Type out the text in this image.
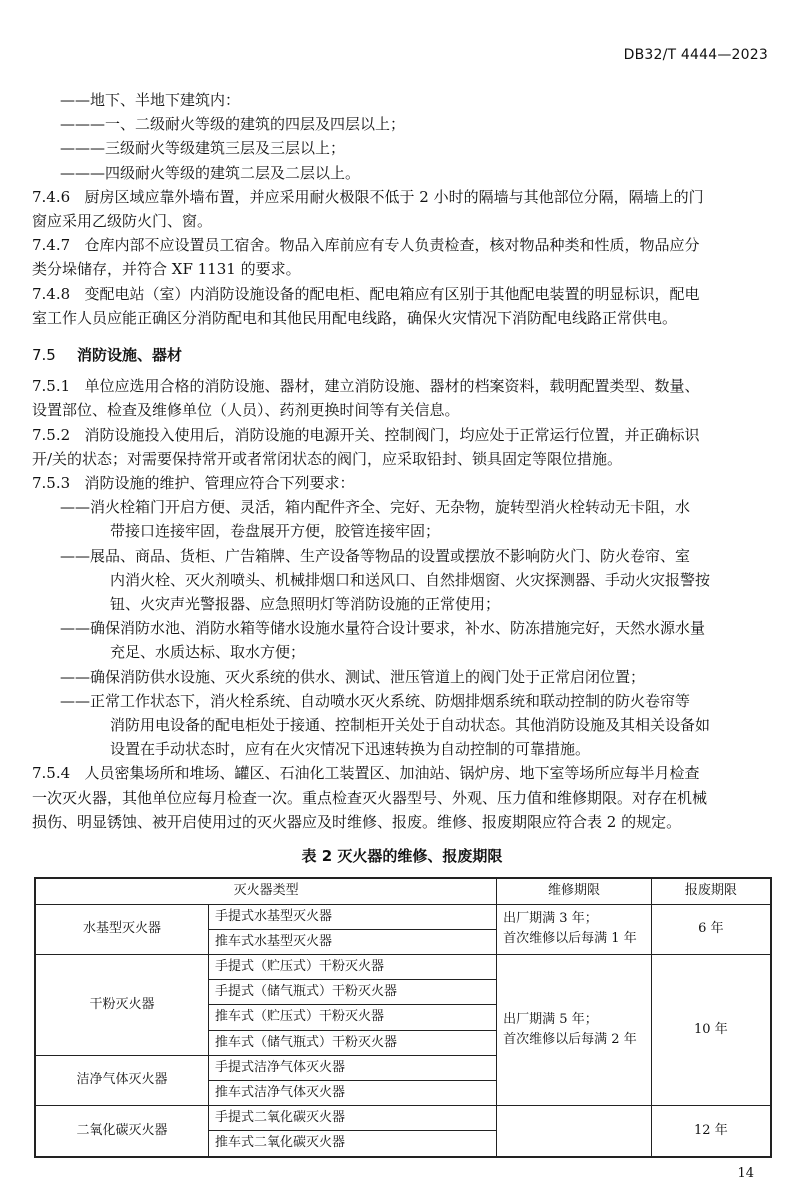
DB32/T 4444—2023
——地下、半地下建筑内：
———一、二级耐火等级的建筑的四层及四层以上；
———三级耐火等级建筑三层及三层以上；
———四级耐火等级的建筑二层及二层以上。
7.4.6 厨房区域应靠外墙布置，并应采用耐火极限不低于 2 小时的隔墙与其他部位分隔，隔墙上的门
窗应采用乙级防火门、窗。
7.4.7 仓库内部不应设置员工宿舍。物品入库前应有专人负责检查，核对物品种类和性质，物品应分
类分垛储存，并符合 XF 1131 的要求。
7.4.8 变配电站（室）内消防设施设备的配电柜、配电箱应有区别于其他配电装置的明显标识，配电
室工作人员应能正确区分消防配电和其他民用配电线路，确保火灾情况下消防配电线路正常供电。
7.5 消防设施、器材
7.5.1 单位应选用合格的消防设施、器材，建立消防设施、器材的档案资料，载明配置类型、数量、
设置部位、检查及维修单位（人员）、药剂更换时间等有关信息。
7.5.2 消防设施投入使用后，消防设施的电源开关、控制阀门，均应处于正常运行位置，并正确标识
开/关的状态；对需要保持常开或者常闭状态的阀门，应采取铅封、锁具固定等限位措施。
7.5.3 消防设施的维护、管理应符合下列要求：
——消火栓箱门开启方便、灵活，箱内配件齐全、完好、无杂物，旋转型消火栓转动无卡阻，水
带接口连接牢固，卷盘展开方便，胶管连接牢固；
——展品、商品、货柜、广告箱牌、生产设备等物品的设置或摆放不影响防火门、防火卷帘、室
内消火栓、灭火剂喷头、机械排烟口和送风口、自然排烟窗、火灾探测器、手动火灾报警按
钮、火灾声光警报器、应急照明灯等消防设施的正常使用；
——确保消防水池、消防水箱等储水设施水量符合设计要求，补水、防冻措施完好，天然水源水量
充足、水质达标、取水方便；
——确保消防供水设施、灭火系统的供水、测试、泄压管道上的阀门处于正常启闭位置；
——正常工作状态下，消火栓系统、自动喷水灭火系统、防烟排烟系统和联动控制的防火卷帘等
消防用电设备的配电柜处于接通、控制柜开关处于自动状态。其他消防设施及其相关设备如
设置在手动状态时，应有在火灾情况下迅速转换为自动控制的可靠措施。
7.5.4 人员密集场所和堆场、罐区、石油化工装置区、加油站、锅炉房、地下室等场所应每半月检查
一次灭火器，其他单位应每月检查一次。重点检查灭火器型号、外观、压力值和维修期限。对存在机械
损伤、明显锈蚀、被开启使用过的灭火器应及时维修、报废。维修、报废期限应符合表 2 的规定。
表 2 灭火器的维修、报废期限
灭火器类型		维修期限	报废期限
水基型灭火器	手提式水基型灭火器	出厂期满 3 年；
首次维修以后每满 1 年	6 年
	推车式水基型灭火器		
干粉灭火器	手提式（贮压式）干粉灭火器	出厂期满 5 年；
首次维修以后每满 2 年	10 年
	手提式（储气瓶式）干粉灭火器		
	推车式（贮压式）干粉灭火器		
	推车式（储气瓶式）干粉灭火器		
洁净气体灭火器	手提式洁净气体灭火器		
	推车式洁净气体灭火器		
二氧化碳灭火器	手提式二氧化碳灭火器		12 年
	推车式二氧化碳灭火器		
14
